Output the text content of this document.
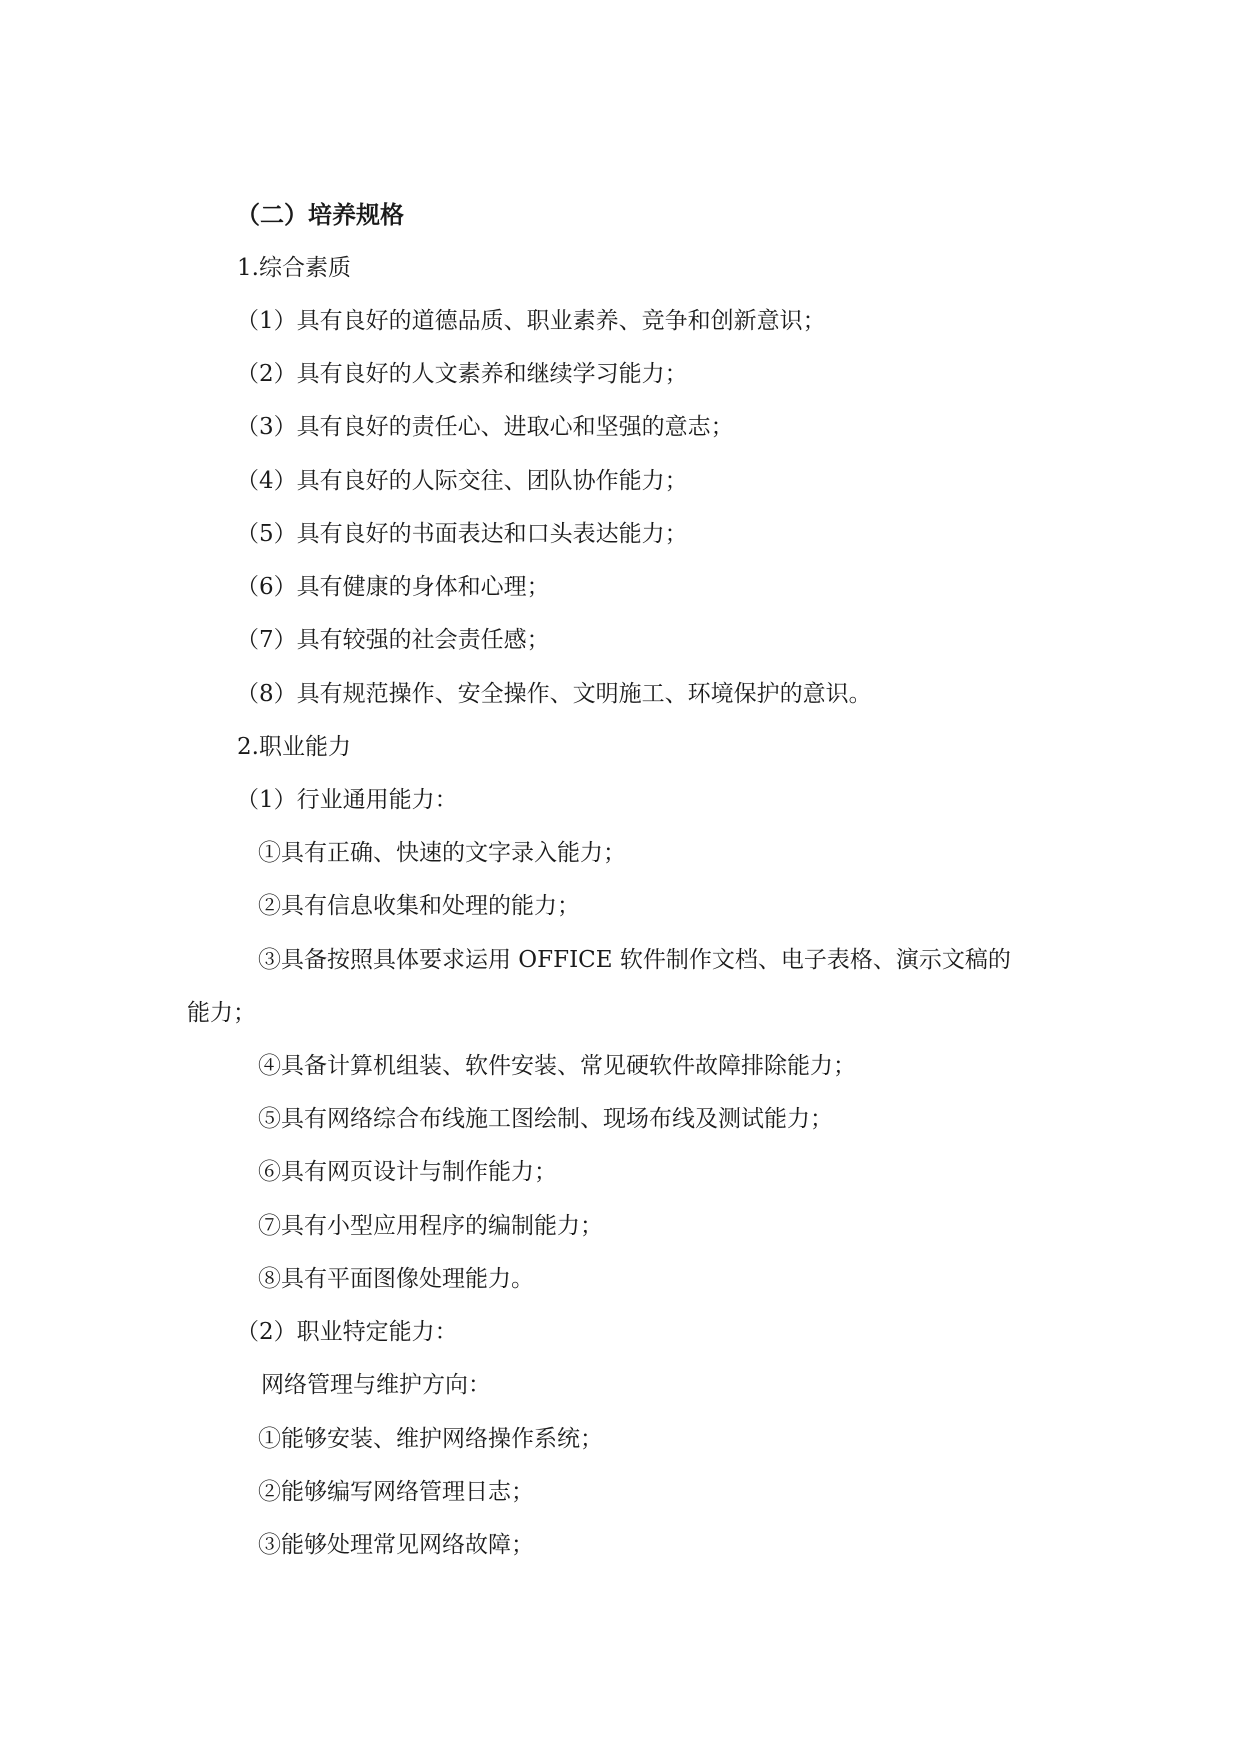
（二）培养规格
1.综合素质
（1）具有良好的道德品质、职业素养、竞争和创新意识；
（2）具有良好的人文素养和继续学习能力；
（3）具有良好的责任心、进取心和坚强的意志；
（4）具有良好的人际交往、团队协作能力；
（5）具有良好的书面表达和口头表达能力；
（6）具有健康的身体和心理；
（7）具有较强的社会责任感；
（8）具有规范操作、安全操作、文明施工、环境保护的意识。
2.职业能力
（1）行业通用能力：
①具有正确、快速的文字录入能力；
②具有信息收集和处理的能力；
③具备按照具体要求运用 OFFICE 软件制作文档、电子表格、演示文稿的
能力；
④具备计算机组装、软件安装、常见硬软件故障排除能力；
⑤具有网络综合布线施工图绘制、现场布线及测试能力；
⑥具有网页设计与制作能力；
⑦具有小型应用程序的编制能力；
⑧具有平面图像处理能力。
（2）职业特定能力：
网络管理与维护方向：
①能够安装、维护网络操作系统；
②能够编写网络管理日志；
③能够处理常见网络故障；
